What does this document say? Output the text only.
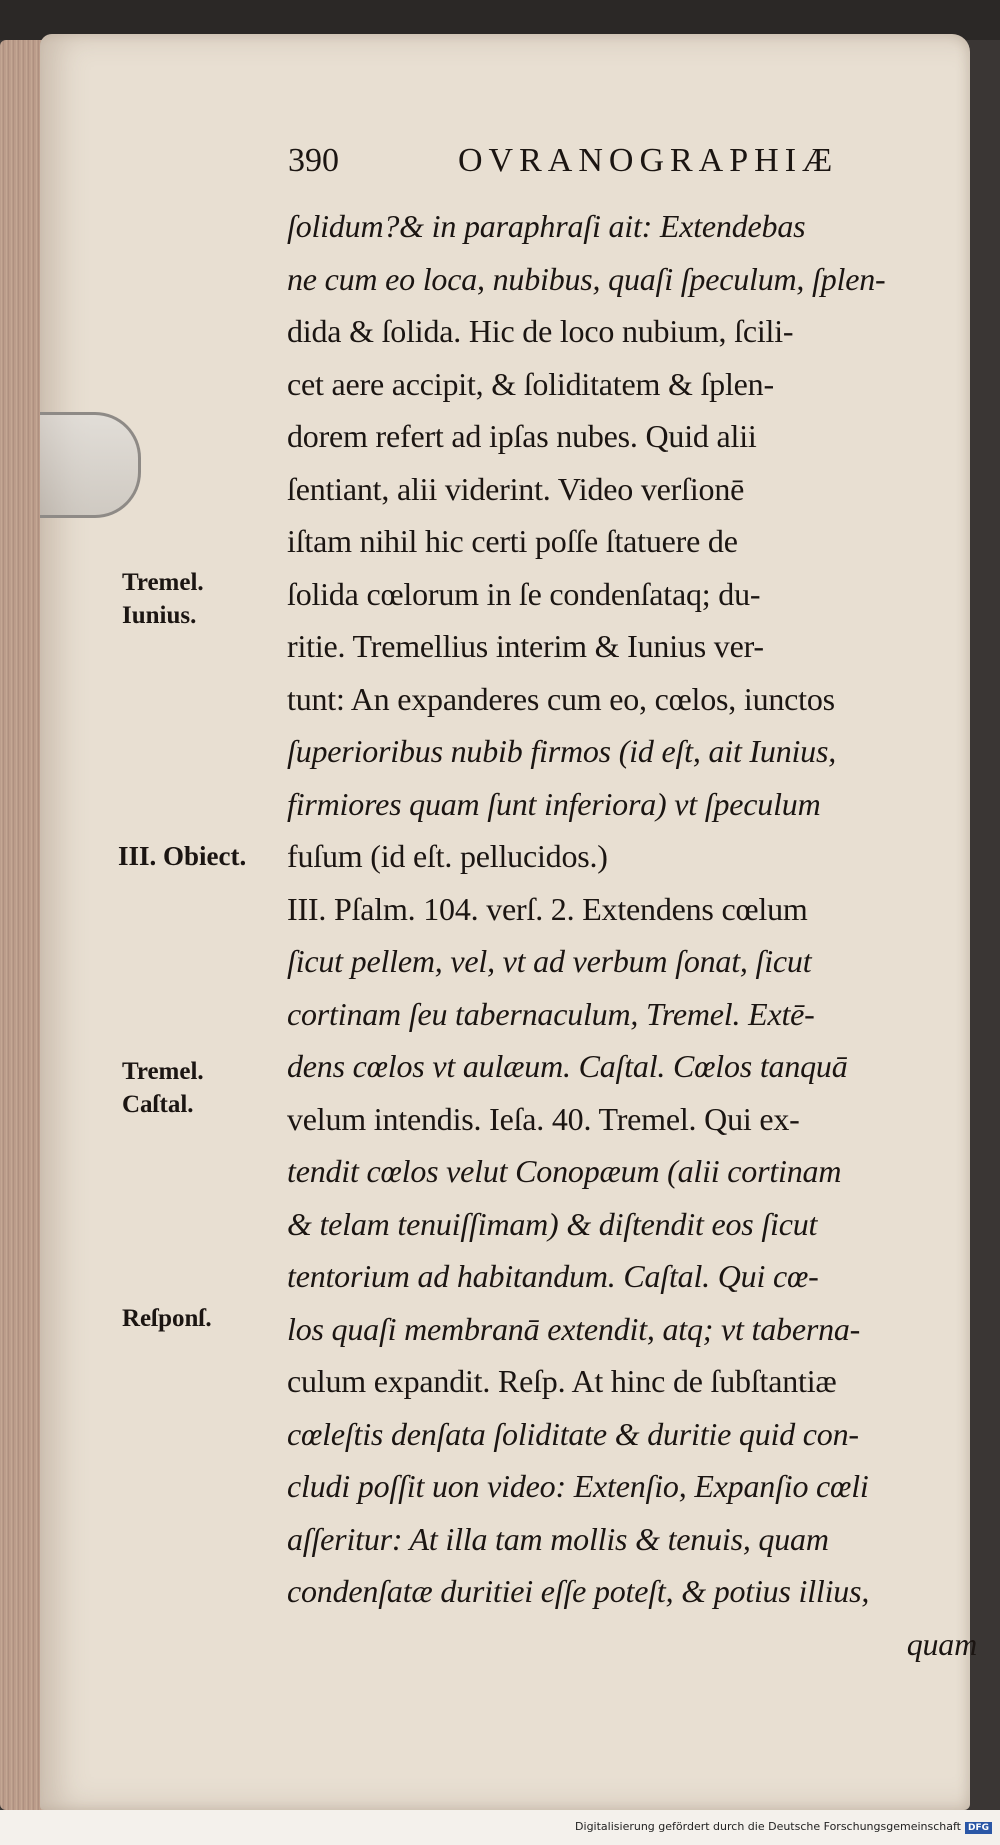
390	OVRANOGRAPHIÆ
ſolidum?& in paraphraſi ait: Extendebas
ne cum eo loca, nubibus, quaſi ſpeculum, ſplen-
dida & ſolida. Hic de loco nubium, ſcili-
cet aere accipit, & ſoliditatem & ſplen-
dorem refert ad ipſas nubes. Quid alii
ſentiant, alii viderint. Video verſionē
iſtam nihil hic certi poſſe ſtatuere de
ſolida cœlorum in ſe condenſataq; du-
ritie. Tremellius interim & Iunius ver-
tunt: An expanderes cum eo, cœlos, iunctos
ſuperioribus nubib firmos (id eſt, ait Iunius,
firmiores quam ſunt inferiora) vt ſpeculum
fuſum (id eſt. pellucidos.)
III. Pſalm. 104. verſ. 2. Extendens cœlum
ſicut pellem, vel, vt ad verbum ſonat, ſicut
cortinam ſeu tabernaculum, Tremel. Extē-
dens cœlos vt aulæum. Caſtal. Cœlos tanquā
velum intendis. Ieſa. 40. Tremel. Qui ex-
tendit cœlos velut Conopæum (alii cortinam
& telam tenuiſſimam) & diſtendit eos ſicut
tentorium ad habitandum. Caſtal. Qui cœ-
los quaſi membranā extendit, atq; vt taberna-
culum expandit. Reſp. At hinc de ſubſtantiæ
cœleſtis denſata ſoliditate & duritie quid con-
cludi poſſit uon video: Extenſio, Expanſio cœli
aſſeritur: At illa tam mollis & tenuis, quam
condenſatæ duritiei eſſe poteſt, & potius illius,
quam
Tremel.
Iunius.
III. Obiect.
Tremel.
Caſtal.
Reſponſ.

Digitalisierung gefördert durch die Deutsche Forschungsgemeinschaft DFG
